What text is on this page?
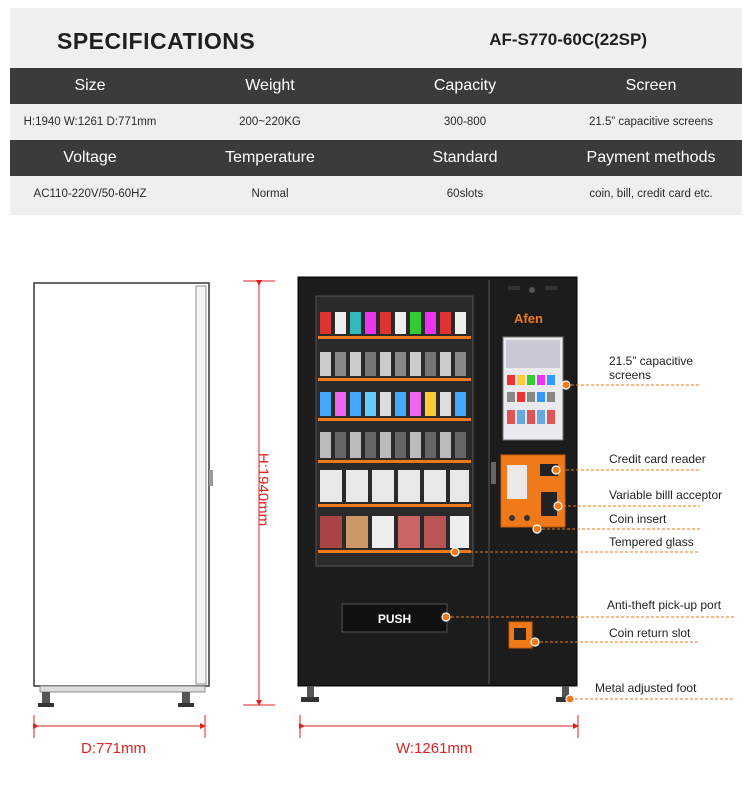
SPECIFICATIONS	AF-S770-60C(22SP)
Size	Weight	Capacity	Screen
H:1940 W:1261 D:771mm	200~220KG	300-800	21.5” capacitive screens
Voltage	Temperature	Standard	Payment methods
AC110-220V/50-60HZ	Normal	60slots	coin, bill, credit card etc.
Afen
PUSH
H:1940mm
D:771mm	W:1261mm
21.5” capacitive screens
Credit card reader
Variable billl acceptor
Coin insert
Tempered glass
Anti-theft pick-up port
Coin return slot
Metal adjusted foot
